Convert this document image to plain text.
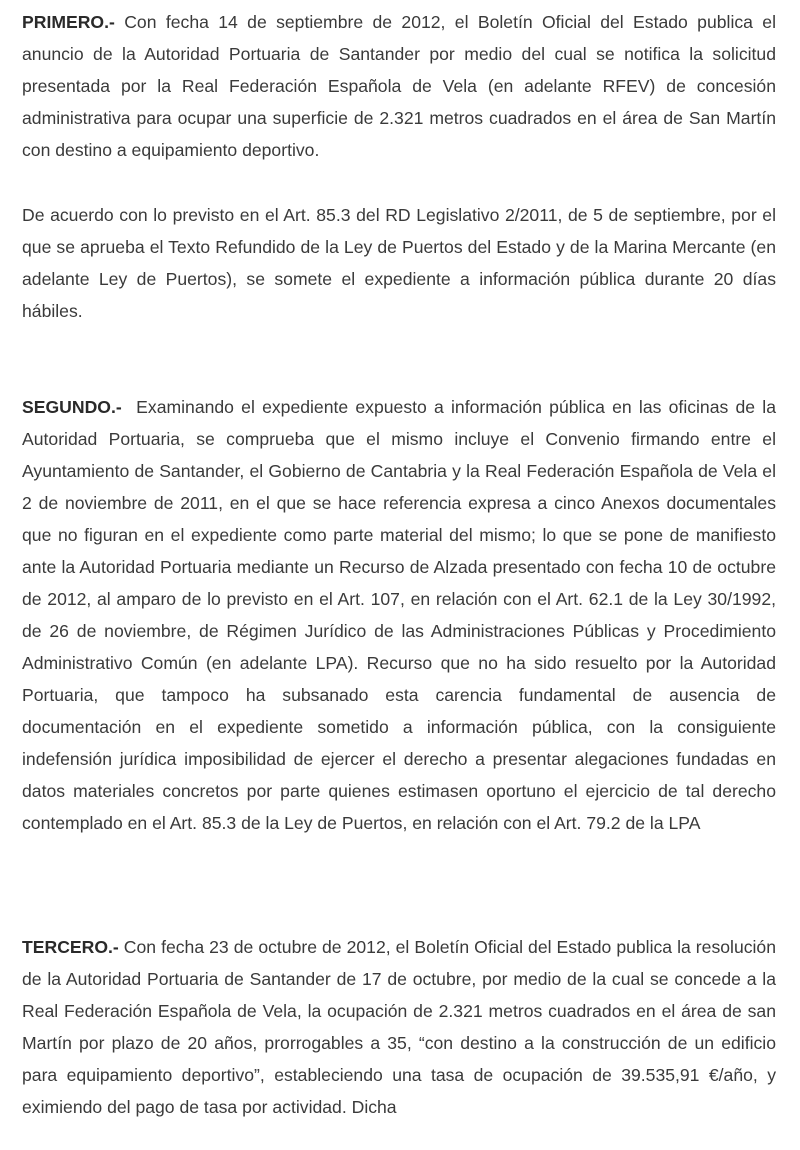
PRIMERO.- Con fecha 14 de septiembre de 2012, el Boletín Oficial del Estado publica el anuncio de la Autoridad Portuaria de Santander por medio del cual se notifica la solicitud presentada por la Real Federación Española de Vela (en adelante RFEV) de concesión administrativa para ocupar una superficie de 2.321 metros cuadrados en el área de San Martín con destino a equipamiento deportivo.

De acuerdo con lo previsto en el Art. 85.3 del RD Legislativo 2/2011, de 5 de septiembre, por el que se aprueba el Texto Refundido de la Ley de Puertos del Estado y de la Marina Mercante (en adelante Ley de Puertos), se somete el expediente a información pública durante 20 días hábiles.

SEGUNDO.- Examinando el expediente expuesto a información pública en las oficinas de la Autoridad Portuaria, se comprueba que el mismo incluye el Convenio firmando entre el Ayuntamiento de Santander, el Gobierno de Cantabria y la Real Federación Española de Vela el 2 de noviembre de 2011, en el que se hace referencia expresa a cinco Anexos documentales que no figuran en el expediente como parte material del mismo; lo que se pone de manifiesto ante la Autoridad Portuaria mediante un Recurso de Alzada presentado con fecha 10 de octubre de 2012, al amparo de lo previsto en el Art. 107, en relación con el Art. 62.1 de la Ley 30/1992, de 26 de noviembre, de Régimen Jurídico de las Administraciones Públicas y Procedimiento Administrativo Común (en adelante LPA). Recurso que no ha sido resuelto por la Autoridad Portuaria, que tampoco ha subsanado esta carencia fundamental de ausencia de documentación en el expediente sometido a información pública, con la consiguiente indefensión jurídica imposibilidad de ejercer el derecho a presentar alegaciones fundadas en datos materiales concretos por parte quienes estimasen oportuno el ejercicio de tal derecho contemplado en el Art. 85.3 de la Ley de Puertos, en relación con el Art. 79.2 de la LPA

TERCERO.- Con fecha 23 de octubre de 2012, el Boletín Oficial del Estado publica la resolución de la Autoridad Portuaria de Santander de 17 de octubre, por medio de la cual se concede a la Real Federación Española de Vela, la ocupación de 2.321 metros cuadrados en el área de san Martín por plazo de 20 años, prorrogables a 35, “con destino a la construcción de un edificio para equipamiento deportivo”, estableciendo una tasa de ocupación de 39.535,91 €/año, y eximiendo del pago de tasa por actividad. Dicha
